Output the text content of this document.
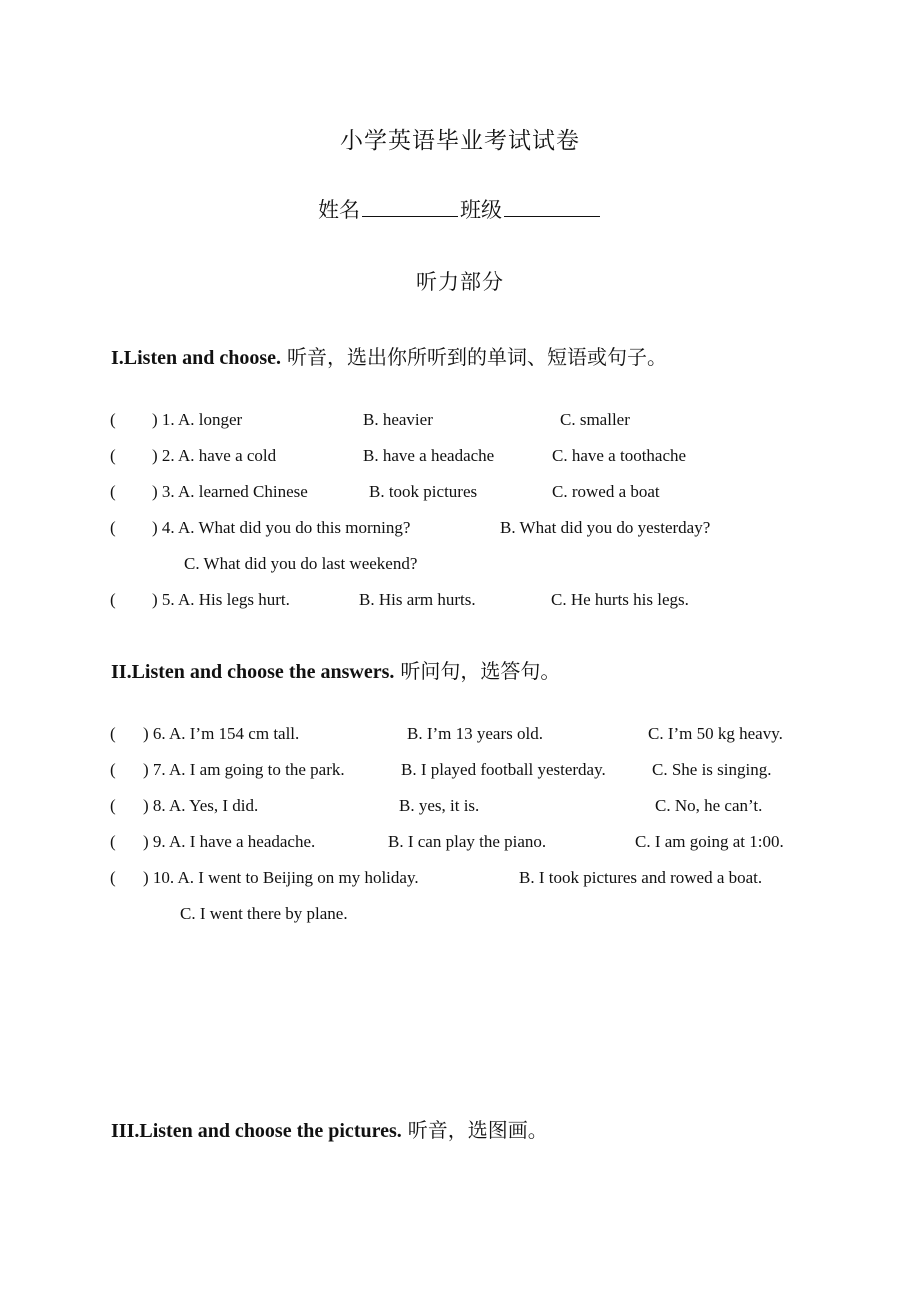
小学英语毕业考试试卷
姓名	班级
听力部分
I.Listen and choose. 听音，选出你所听到的单词、短语或句子。
( ) 1. A. longer	B. heavier	C. smaller
( ) 2. A. have a cold	B. have a headache	C. have a toothache
( ) 3. A. learned Chinese	B. took pictures	C. rowed a boat
( ) 4. A. What did you do this morning?	B. What did you do yesterday?
C. What did you do last weekend?
( ) 5. A. His legs hurt.	B. His arm hurts.	C. He hurts his legs.
II.Listen and choose the answers. 听问句，选答句。
( ) 6. A. I’m 154 cm tall.	B. I’m 13 years old.	C. I’m 50 kg heavy.
( ) 7. A. I am going to the park.	B. I played football yesterday.	C. She is singing.
( ) 8. A. Yes, I did.	B. yes, it is.	C. No, he can’t.
( ) 9. A. I have a headache.	B. I can play the piano.	C. I am going at 1:00.
( ) 10. A. I went to Beijing on my holiday.	B. I took pictures and rowed a boat.
C. I went there by plane.
III.Listen and choose the pictures. 听音，选图画。
